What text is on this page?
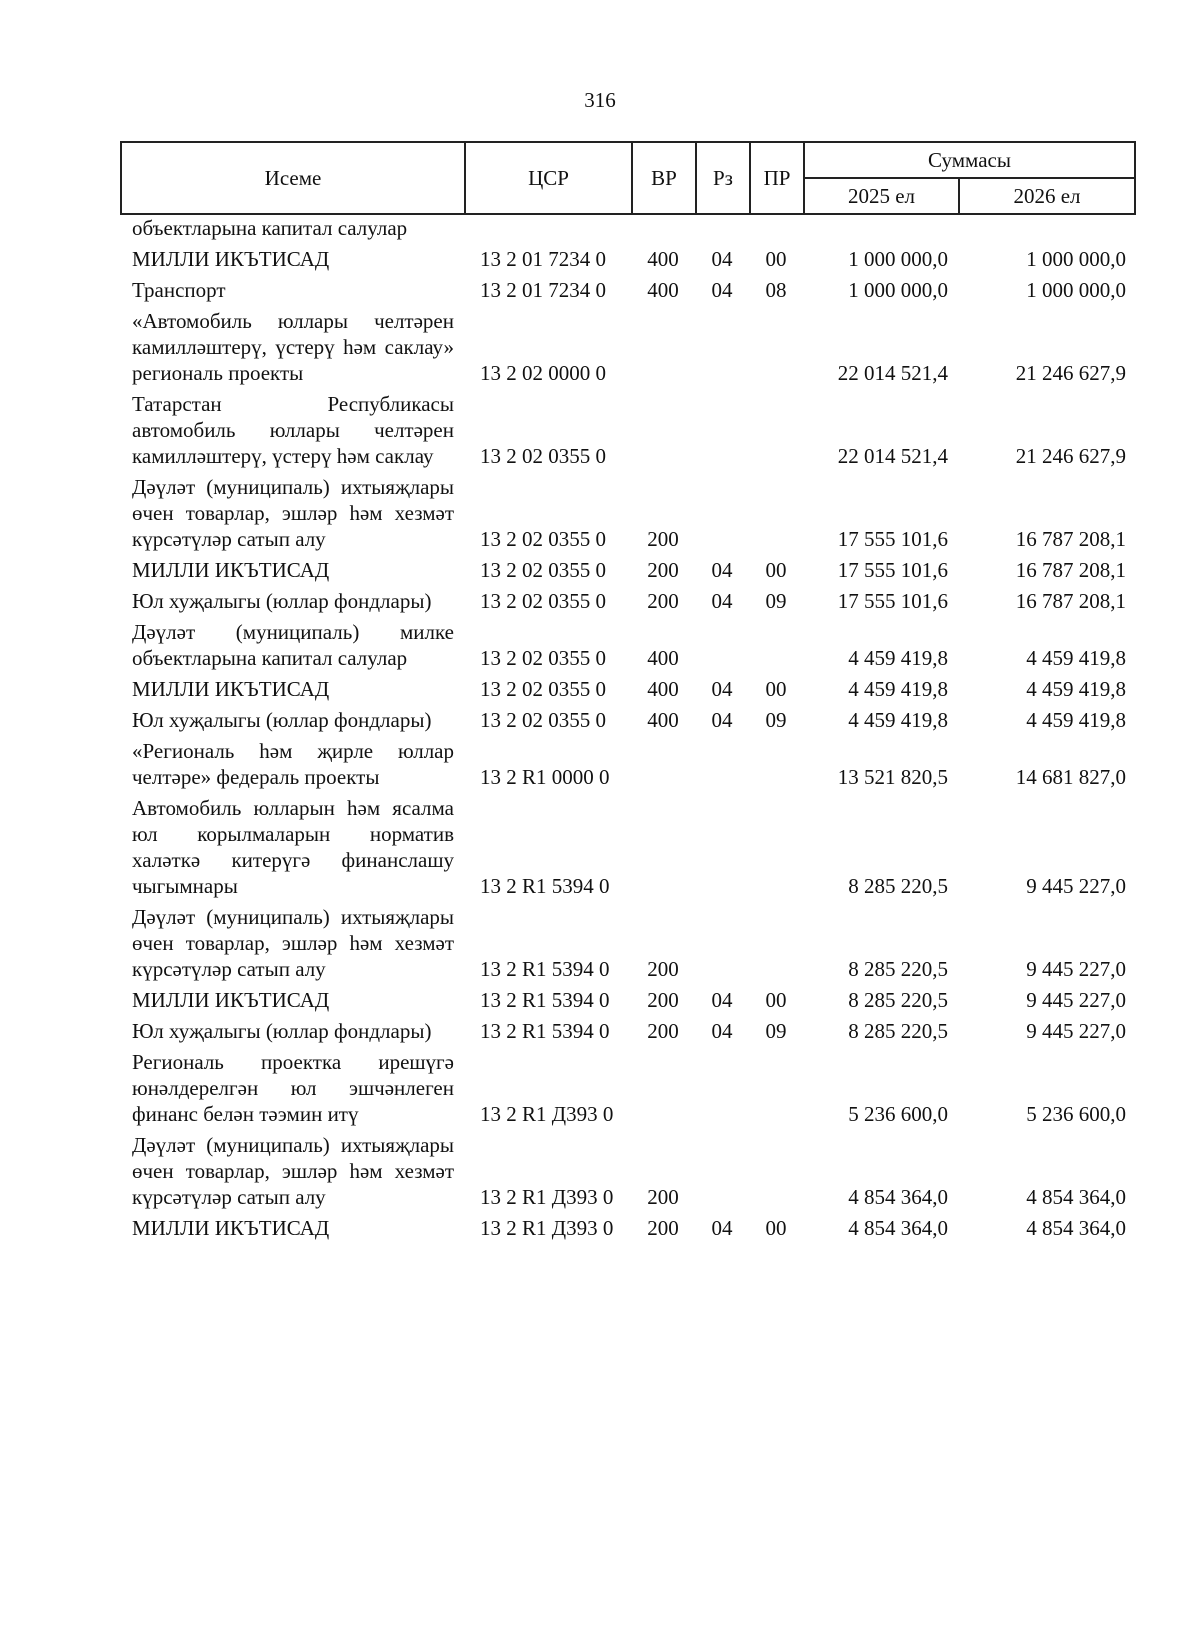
316
Исеме	ЦСР	ВР	Рз	ПР	Суммасы	
					2025 ел	2026 ел
объектларына капитал салулар						
МИЛЛИ ИКЪТИСАД	13 2 01 7234 0	400	04	00	1 000 000,0	1 000 000,0
Транспорт	13 2 01 7234 0	400	04	08	1 000 000,0	1 000 000,0
«Автомобиль юллары челтәрен камилләштерү, үстерү һәм саклау» региональ проекты	13 2 02 0000 0				22 014 521,4	21 246 627,9
Татарстан Республикасы автомобиль юллары челтәрен камилләштерү, үстерү һәм саклау	13 2 02 0355 0				22 014 521,4	21 246 627,9
Дәүләт (муниципаль) ихтыяҗлары өчен товарлар, эшләр һәм хезмәт күрсәтүләр сатып алу	13 2 02 0355 0	200			17 555 101,6	16 787 208,1
МИЛЛИ ИКЪТИСАД	13 2 02 0355 0	200	04	00	17 555 101,6	16 787 208,1
Юл хуҗалыгы (юллар фондлары)	13 2 02 0355 0	200	04	09	17 555 101,6	16 787 208,1
Дәүләт (муниципаль) милке объектларына капитал салулар	13 2 02 0355 0	400			4 459 419,8	4 459 419,8
МИЛЛИ ИКЪТИСАД	13 2 02 0355 0	400	04	00	4 459 419,8	4 459 419,8
Юл хуҗалыгы (юллар фондлары)	13 2 02 0355 0	400	04	09	4 459 419,8	4 459 419,8
«Региональ һәм җирле юллар челтәре» федераль проекты	13 2 R1 0000 0				13 521 820,5	14 681 827,0
Автомобиль юлларын һәм ясалма юл корылмаларын норматив халәткә китерүгә финанслашу чыгымнары	13 2 R1 5394 0				8 285 220,5	9 445 227,0
Дәүләт (муниципаль) ихтыяҗлары өчен товарлар, эшләр һәм хезмәт күрсәтүләр сатып алу	13 2 R1 5394 0	200			8 285 220,5	9 445 227,0
МИЛЛИ ИКЪТИСАД	13 2 R1 5394 0	200	04	00	8 285 220,5	9 445 227,0
Юл хуҗалыгы (юллар фондлары)	13 2 R1 5394 0	200	04	09	8 285 220,5	9 445 227,0
Региональ проектка ирешүгә юнәлдерелгән юл эшчәнлеген финанс белән тәэмин итү	13 2 R1 Д393 0				5 236 600,0	5 236 600,0
Дәүләт (муниципаль) ихтыяҗлары өчен товарлар, эшләр һәм хезмәт күрсәтүләр сатып алу	13 2 R1 Д393 0	200			4 854 364,0	4 854 364,0
МИЛЛИ ИКЪТИСАД	13 2 R1 Д393 0	200	04	00	4 854 364,0	4 854 364,0
